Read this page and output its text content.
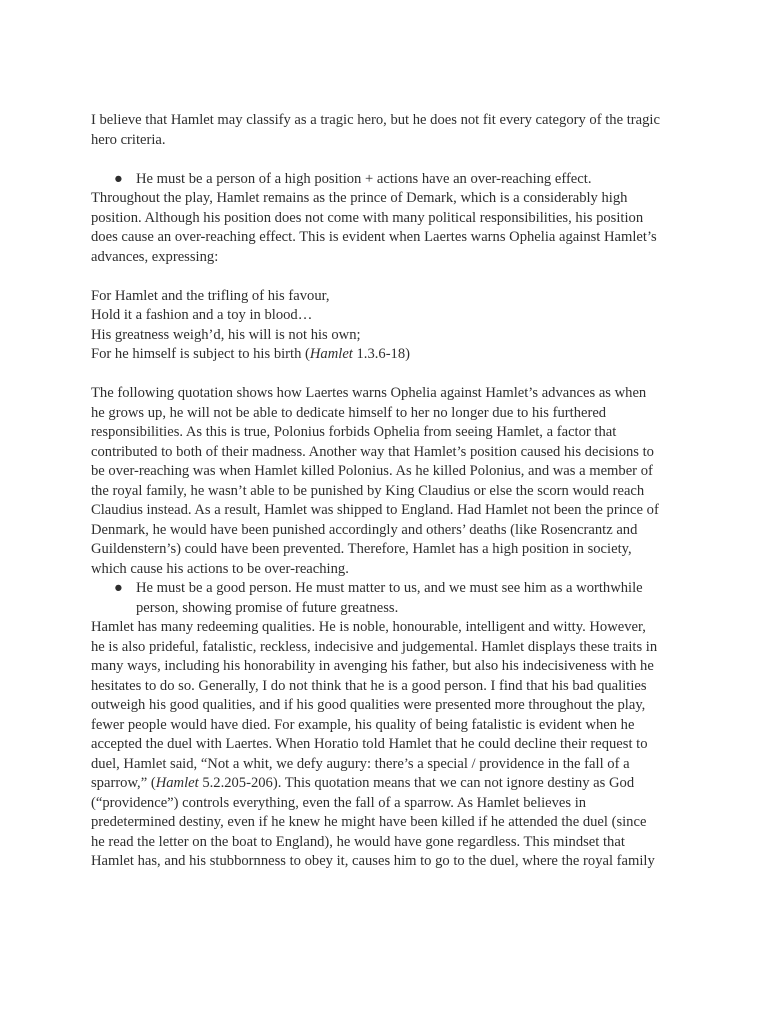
I believe that Hamlet may classify as a tragic hero, but he does not fit every category of the tragic
hero criteria.
● He must be a person of a high position + actions have an over-reaching effect.
Throughout the play, Hamlet remains as the prince of Demark, which is a considerably high
position. Although his position does not come with many political responsibilities, his position
does cause an over-reaching effect. This is evident when Laertes warns Ophelia against Hamlet’s
advances, expressing:
For Hamlet and the trifling of his favour,
Hold it a fashion and a toy in blood…
His greatness weigh’d, his will is not his own;
For he himself is subject to his birth (Hamlet 1.3.6-18)
The following quotation shows how Laertes warns Ophelia against Hamlet’s advances as when
he grows up, he will not be able to dedicate himself to her no longer due to his furthered
responsibilities. As this is true, Polonius forbids Ophelia from seeing Hamlet, a factor that
contributed to both of their madness. Another way that Hamlet’s position caused his decisions to
be over-reaching was when Hamlet killed Polonius. As he killed Polonius, and was a member of
the royal family, he wasn’t able to be punished by King Claudius or else the scorn would reach
Claudius instead. As a result, Hamlet was shipped to England. Had Hamlet not been the prince of
Denmark, he would have been punished accordingly and others’ deaths (like Rosencrantz and
Guildenstern’s) could have been prevented. Therefore, Hamlet has a high position in society,
which cause his actions to be over-reaching.
● He must be a good person. He must matter to us, and we must see him as a worthwhile
person, showing promise of future greatness.
Hamlet has many redeeming qualities. He is noble, honourable, intelligent and witty. However,
he is also prideful, fatalistic, reckless, indecisive and judgemental. Hamlet displays these traits in
many ways, including his honorability in avenging his father, but also his indecisiveness with he
hesitates to do so. Generally, I do not think that he is a good person. I find that his bad qualities
outweigh his good qualities, and if his good qualities were presented more throughout the play,
fewer people would have died. For example, his quality of being fatalistic is evident when he
accepted the duel with Laertes. When Horatio told Hamlet that he could decline their request to
duel, Hamlet said, “Not a whit, we defy augury: there’s a special / providence in the fall of a
sparrow,” (Hamlet 5.2.205-206). This quotation means that we can not ignore destiny as God
(“providence”) controls everything, even the fall of a sparrow. As Hamlet believes in
predetermined destiny, even if he knew he might have been killed if he attended the duel (since
he read the letter on the boat to England), he would have gone regardless. This mindset that
Hamlet has, and his stubbornness to obey it, causes him to go to the duel, where the royal family
